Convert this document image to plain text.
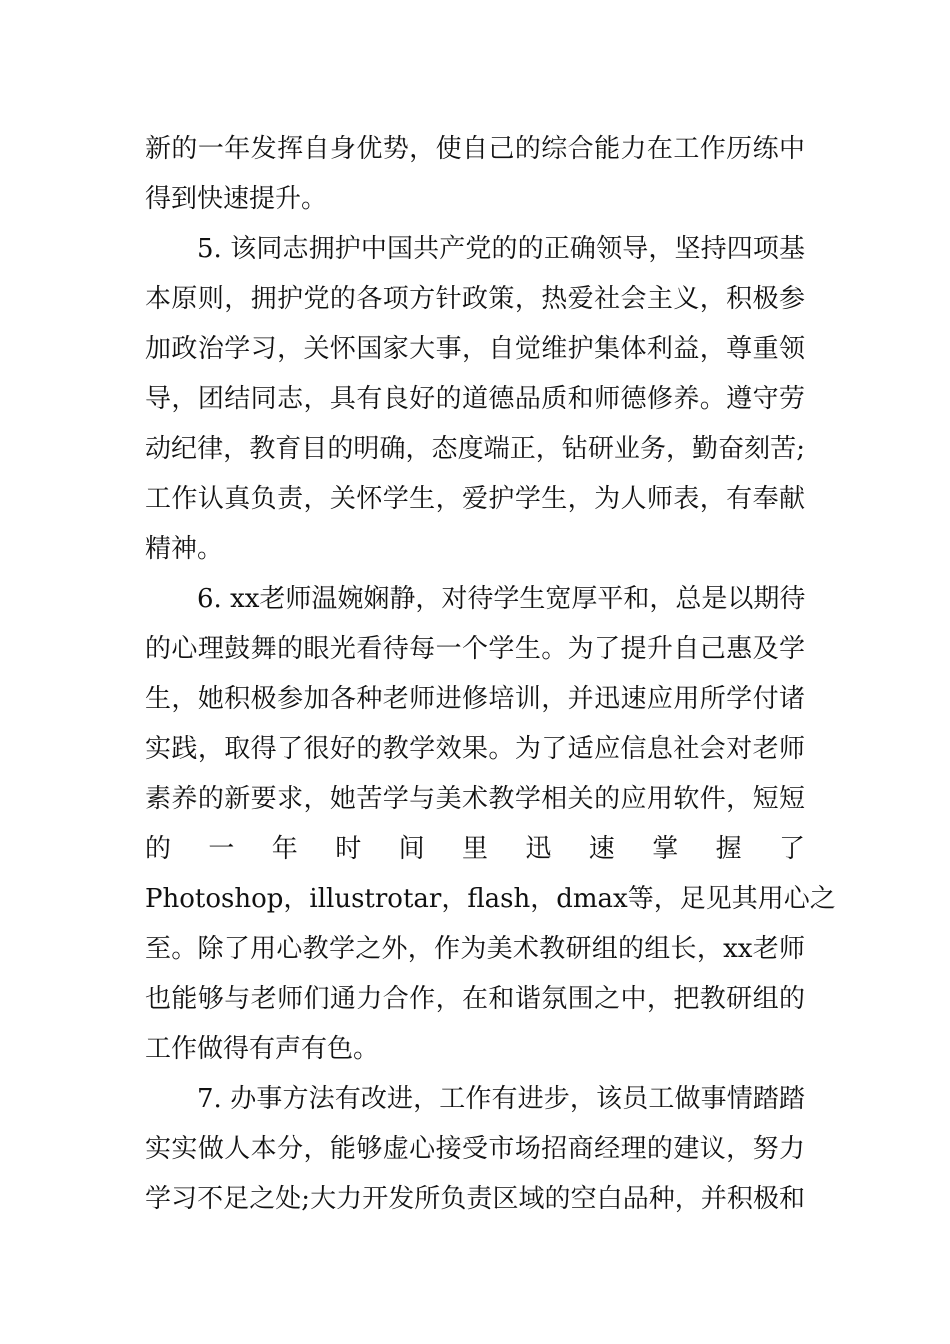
新的一年发挥自身优势，使自己的综合能力在工作历练中
得到快速提升。
5. 该同志拥护中国共产党的的正确领导，坚持四项基
本原则，拥护党的各项方针政策，热爱社会主义，积极参
加政治学习，关怀国家大事，自觉维护集体利益，尊重领
导，团结同志，具有良好的道德品质和师德修养。遵守劳
动纪律，教育目的明确，态度端正，钻研业务，勤奋刻苦;
工作认真负责，关怀学生，爱护学生，为人师表，有奉献
精神。
6. xx老师温婉娴静，对待学生宽厚平和，总是以期待
的心理鼓舞的眼光看待每一个学生。为了提升自己惠及学
生，她积极参加各种老师进修培训，并迅速应用所学付诸
实践，取得了很好的教学效果。为了适应信息社会对老师
素养的新要求，她苦学与美术教学相关的应用软件，短短
的 一 年 时 间 里 迅 速 掌 握 了
Photoshop，illustrotar，flash，dmax等，足见其用心之
至。除了用心教学之外，作为美术教研组的组长，xx老师
也能够与老师们通力合作，在和谐氛围之中，把教研组的
工作做得有声有色。
7. 办事方法有改进，工作有进步，该员工做事情踏踏
实实做人本分，能够虚心接受市场招商经理的建议，努力
学习不足之处;大力开发所负责区域的空白品种，并积极和
